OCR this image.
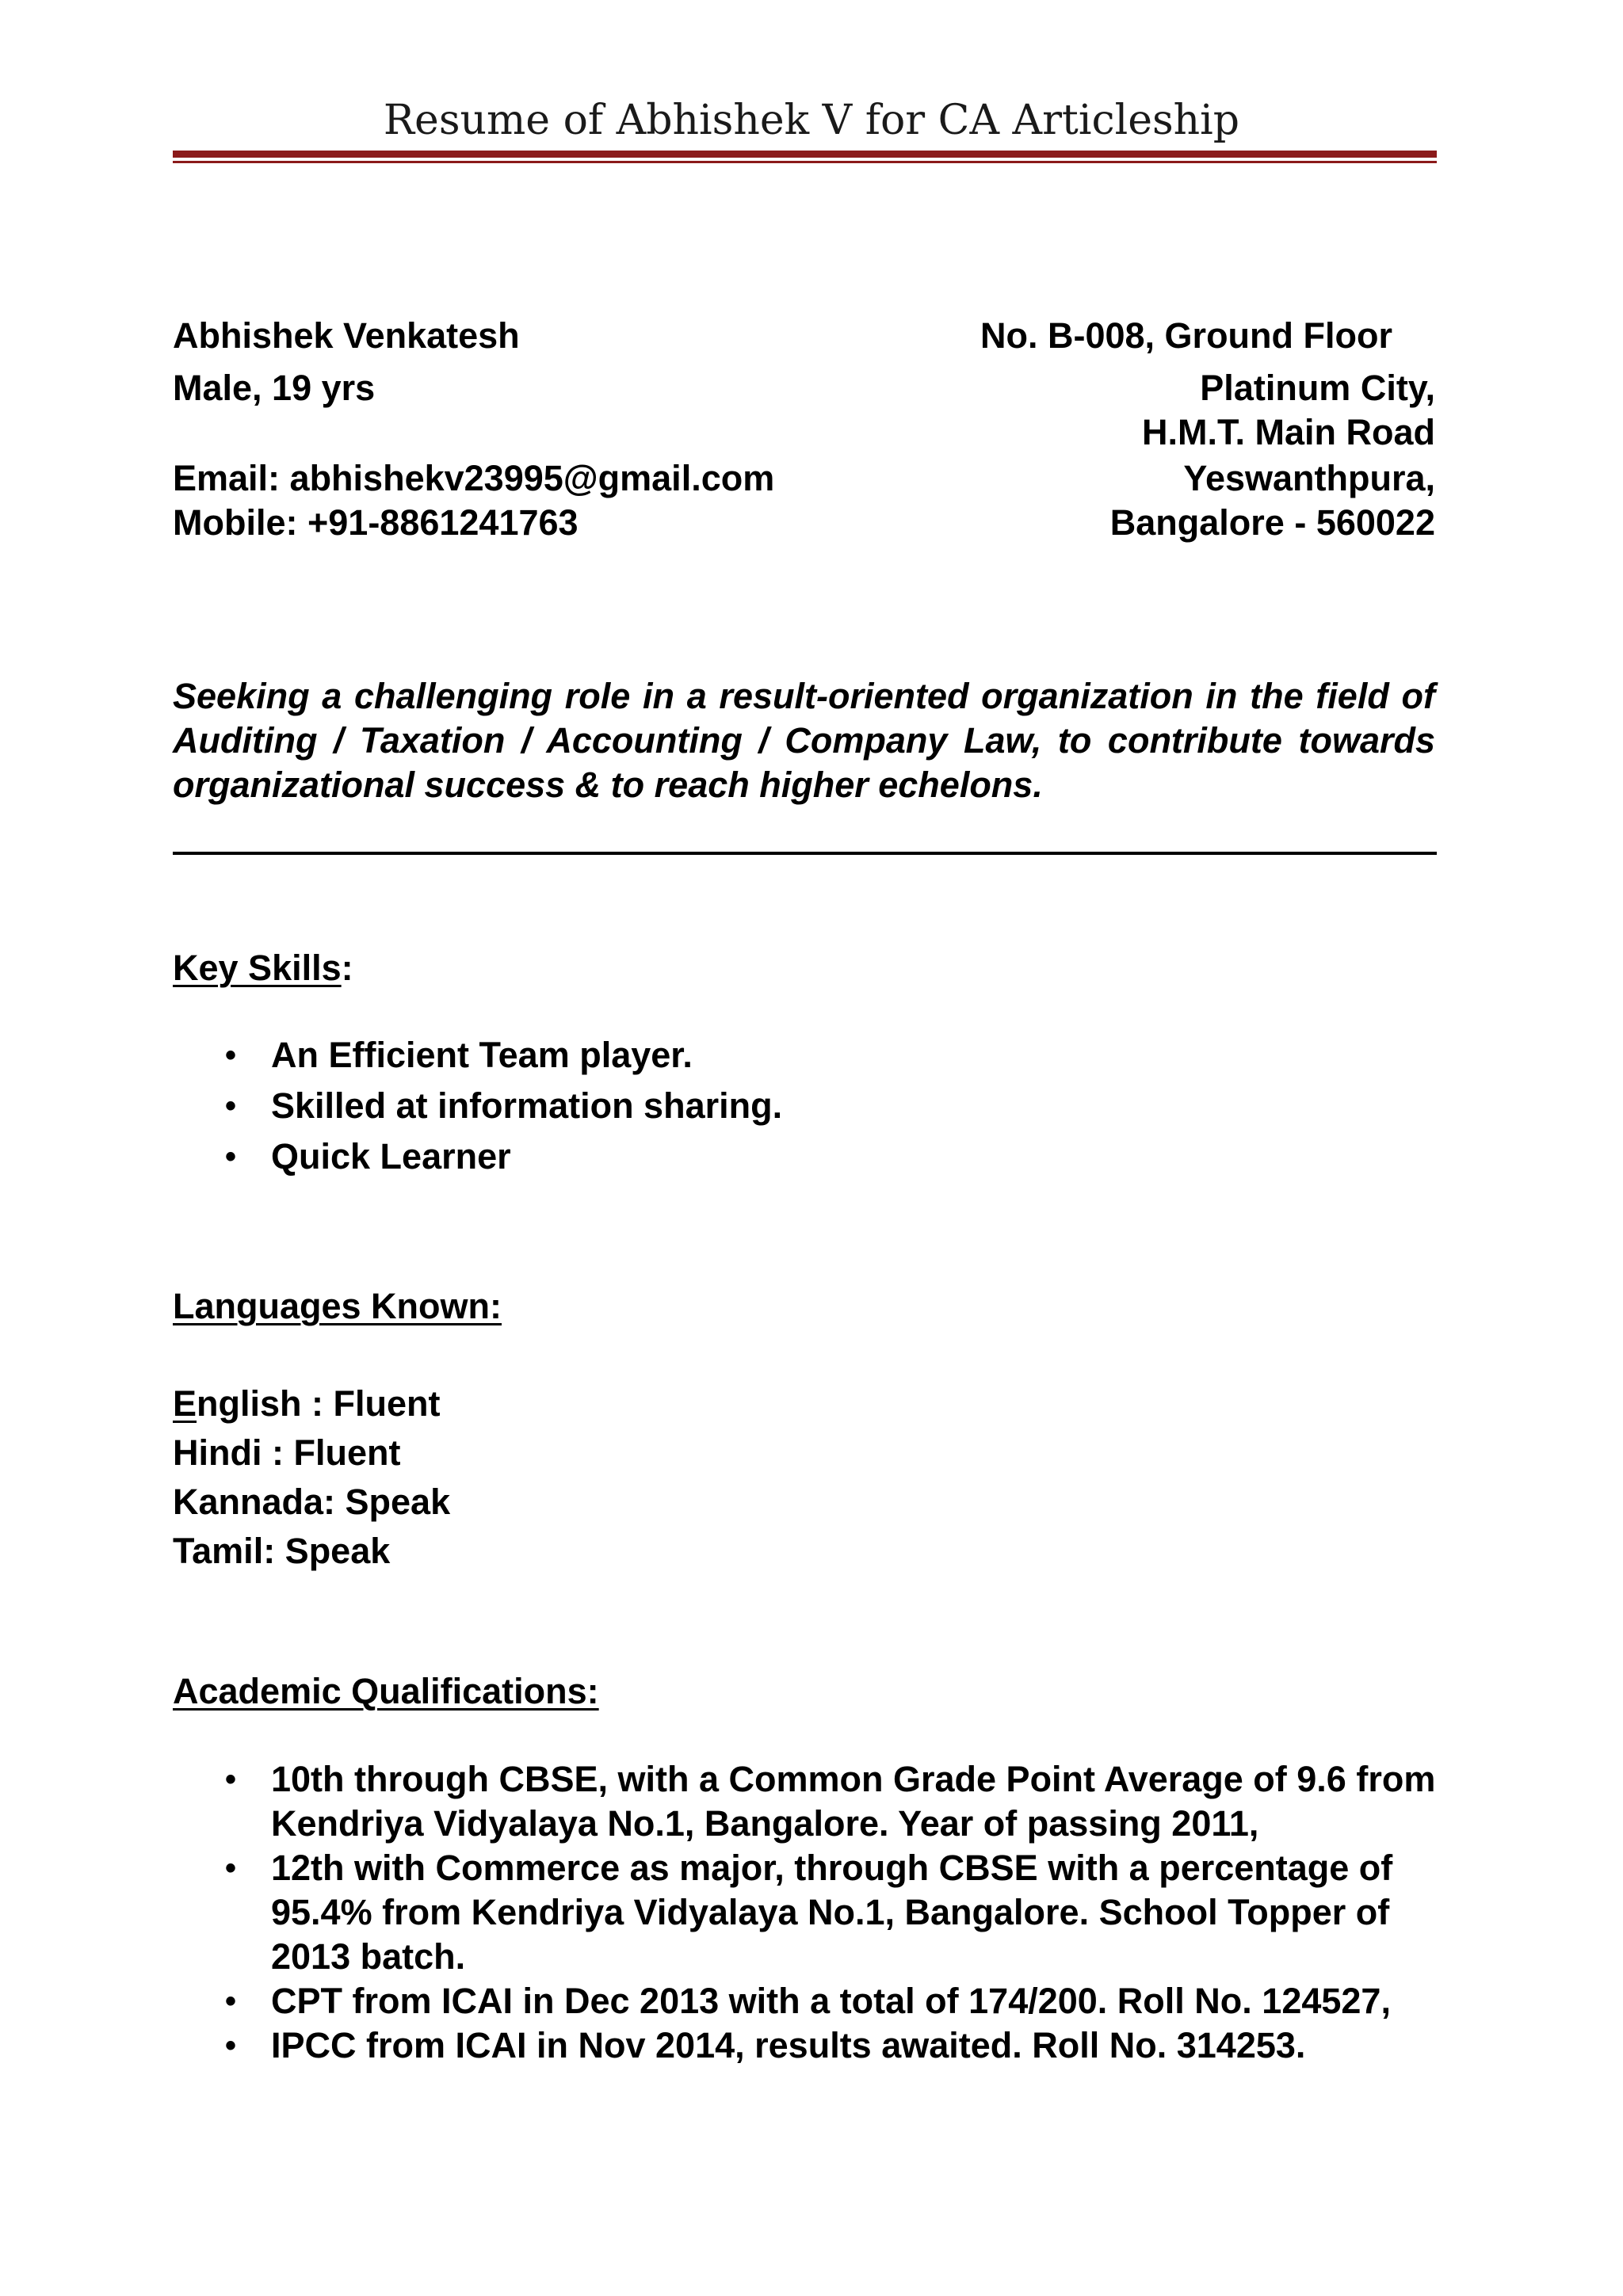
Resume of Abhishek V for CA Articleship
Abhishek Venkatesh
Male, 19 yrs
Email: abhishekv23995@gmail.com
Mobile: +91-8861241763
No. B-008, Ground Floor
Platinum City,
H.M.T. Main Road
Yeswanthpura,
Bangalore - 560022
Seeking a challenging role in a result-oriented organization in the field of Auditing / Taxation / Accounting / Company Law, to contribute towards organizational success & to reach higher echelons.
Key Skills:
• An Efficient Team player.
• Skilled at information sharing.
• Quick Learner
Languages Known:
English : Fluent
Hindi : Fluent
Kannada: Speak
Tamil: Speak
Academic Qualifications:
• 10th through CBSE, with a Common Grade Point Average of 9.6 from Kendriya Vidyalaya No.1, Bangalore. Year of passing 2011,
• 12th with Commerce as major, through CBSE with a percentage of 95.4% from Kendriya Vidyalaya No.1, Bangalore. School Topper of 2013 batch.
• CPT from ICAI in Dec 2013 with a total of 174/200. Roll No. 124527,
• IPCC from ICAI in Nov 2014, results awaited. Roll No. 314253.
